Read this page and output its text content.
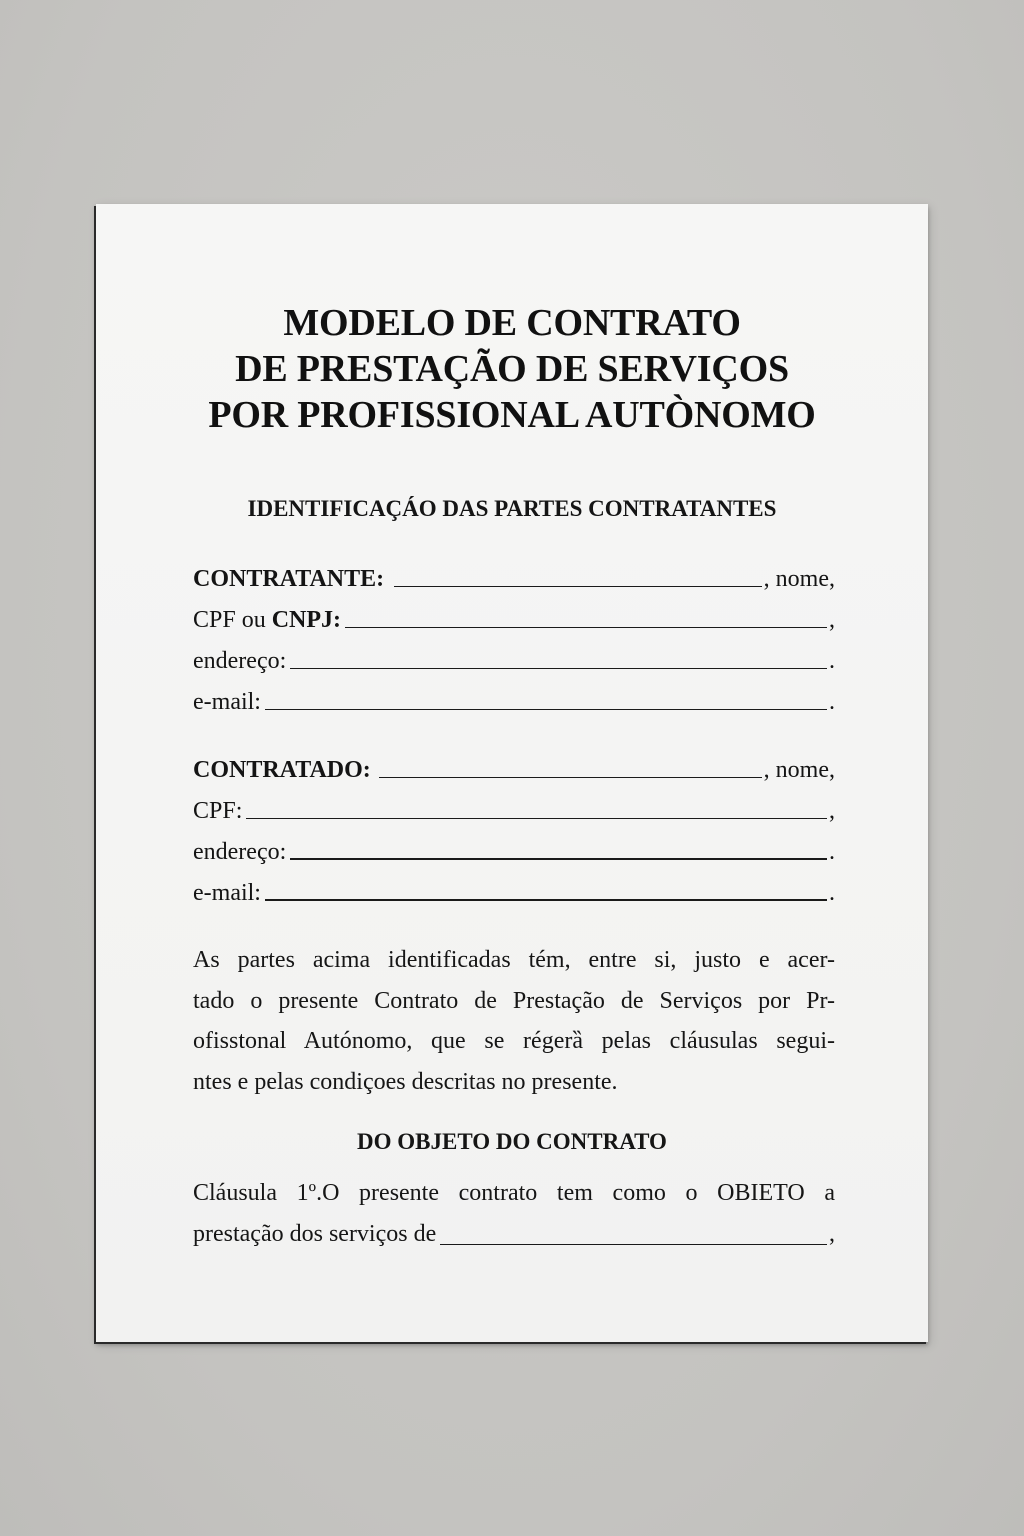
MODELO DE CONTRATO
DE PRESTAÇÃO DE SERVIÇOS
POR PROFISSIONAL AUTÒNOMO
IDENTIFICAÇÁO DAS PARTES CONTRATANTES
CONTRATANTE:	, nome,
CPF ou CNPJ:	,
endereço:	.
e-mail:	.
CONTRATADO:	, nome,
CPF:	,
endereço:	.
e-mail:	.
As partes acima identificadas tém, entre si, justo e acer-
tado o presente Contrato de Prestação de Serviços por Pr-
ofisstonal Autónomo, que se régerȁ pelas cláusulas segui-
ntes e pelas condiçoes descritas no presente.
DO OBJETO DO CONTRATO
Cláusula 1º.O presente contrato tem como o OBIETO a
prestação dos serviços de	,
